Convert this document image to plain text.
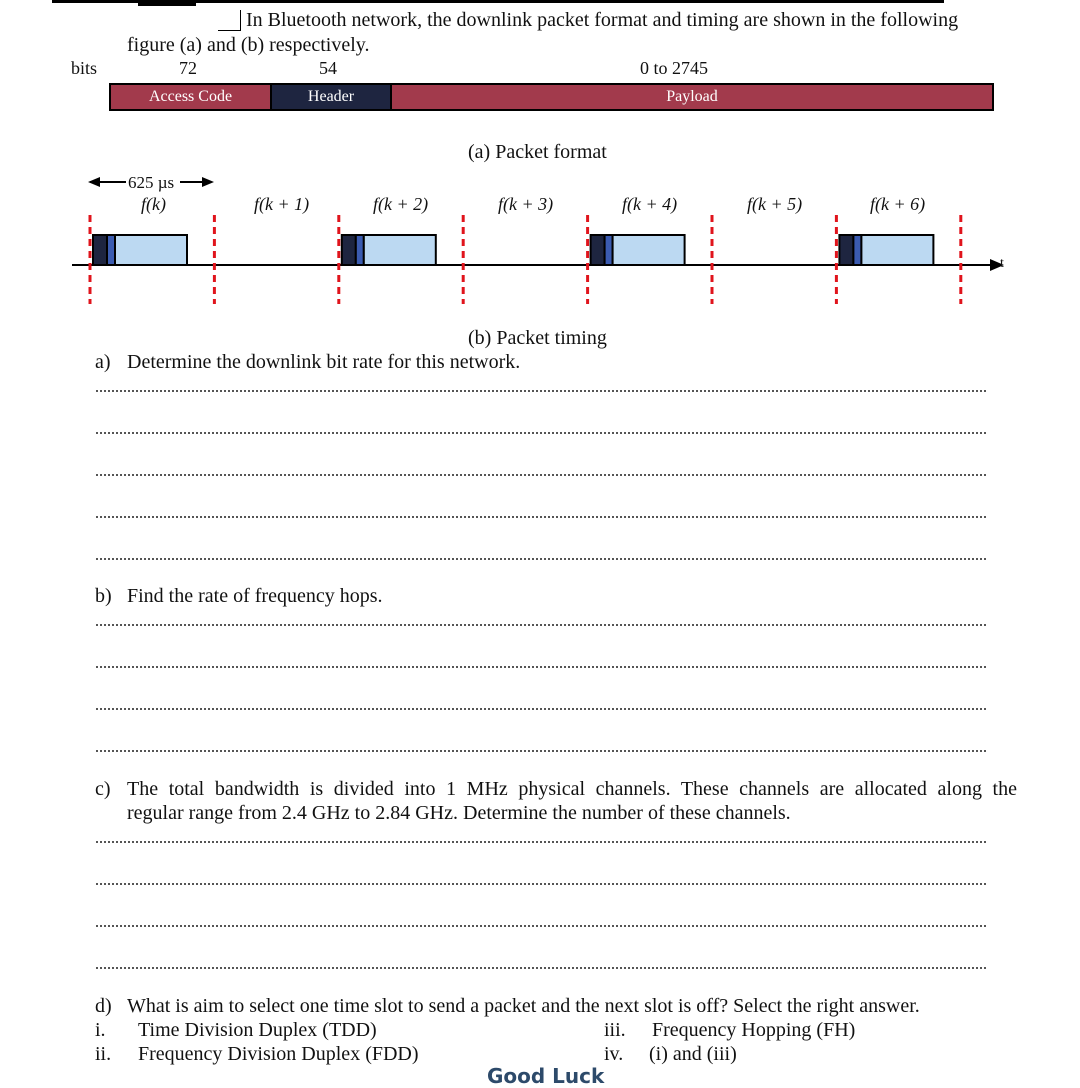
In Bluetooth network, the downlink packet format and timing are shown in the following
figure (a) and (b) respectively.
bits	72	54	0 to 2745
Access Code	Header	Payload
(a) Packet format
625 µs
f(k)	f(k + 1)	f(k + 2)	f(k + 3)	f(k + 4)	f(k + 5)	f(k + 6)
t
(b) Packet timing
a) Determine the downlink bit rate for this network.
b) Find the rate of frequency hops.
c) The total bandwidth is divided into 1 MHz physical channels. These channels are allocated along the
regular range from 2.4 GHz to 2.84 GHz. Determine the number of these channels.
d) What is aim to select one time slot to send a packet and the next slot is off? Select the right answer.
i. Time Division Duplex (TDD)
ii. Frequency Division Duplex (FDD)
iii. Frequency Hopping (FH)
iv. (i) and (iii)
Good Luck
